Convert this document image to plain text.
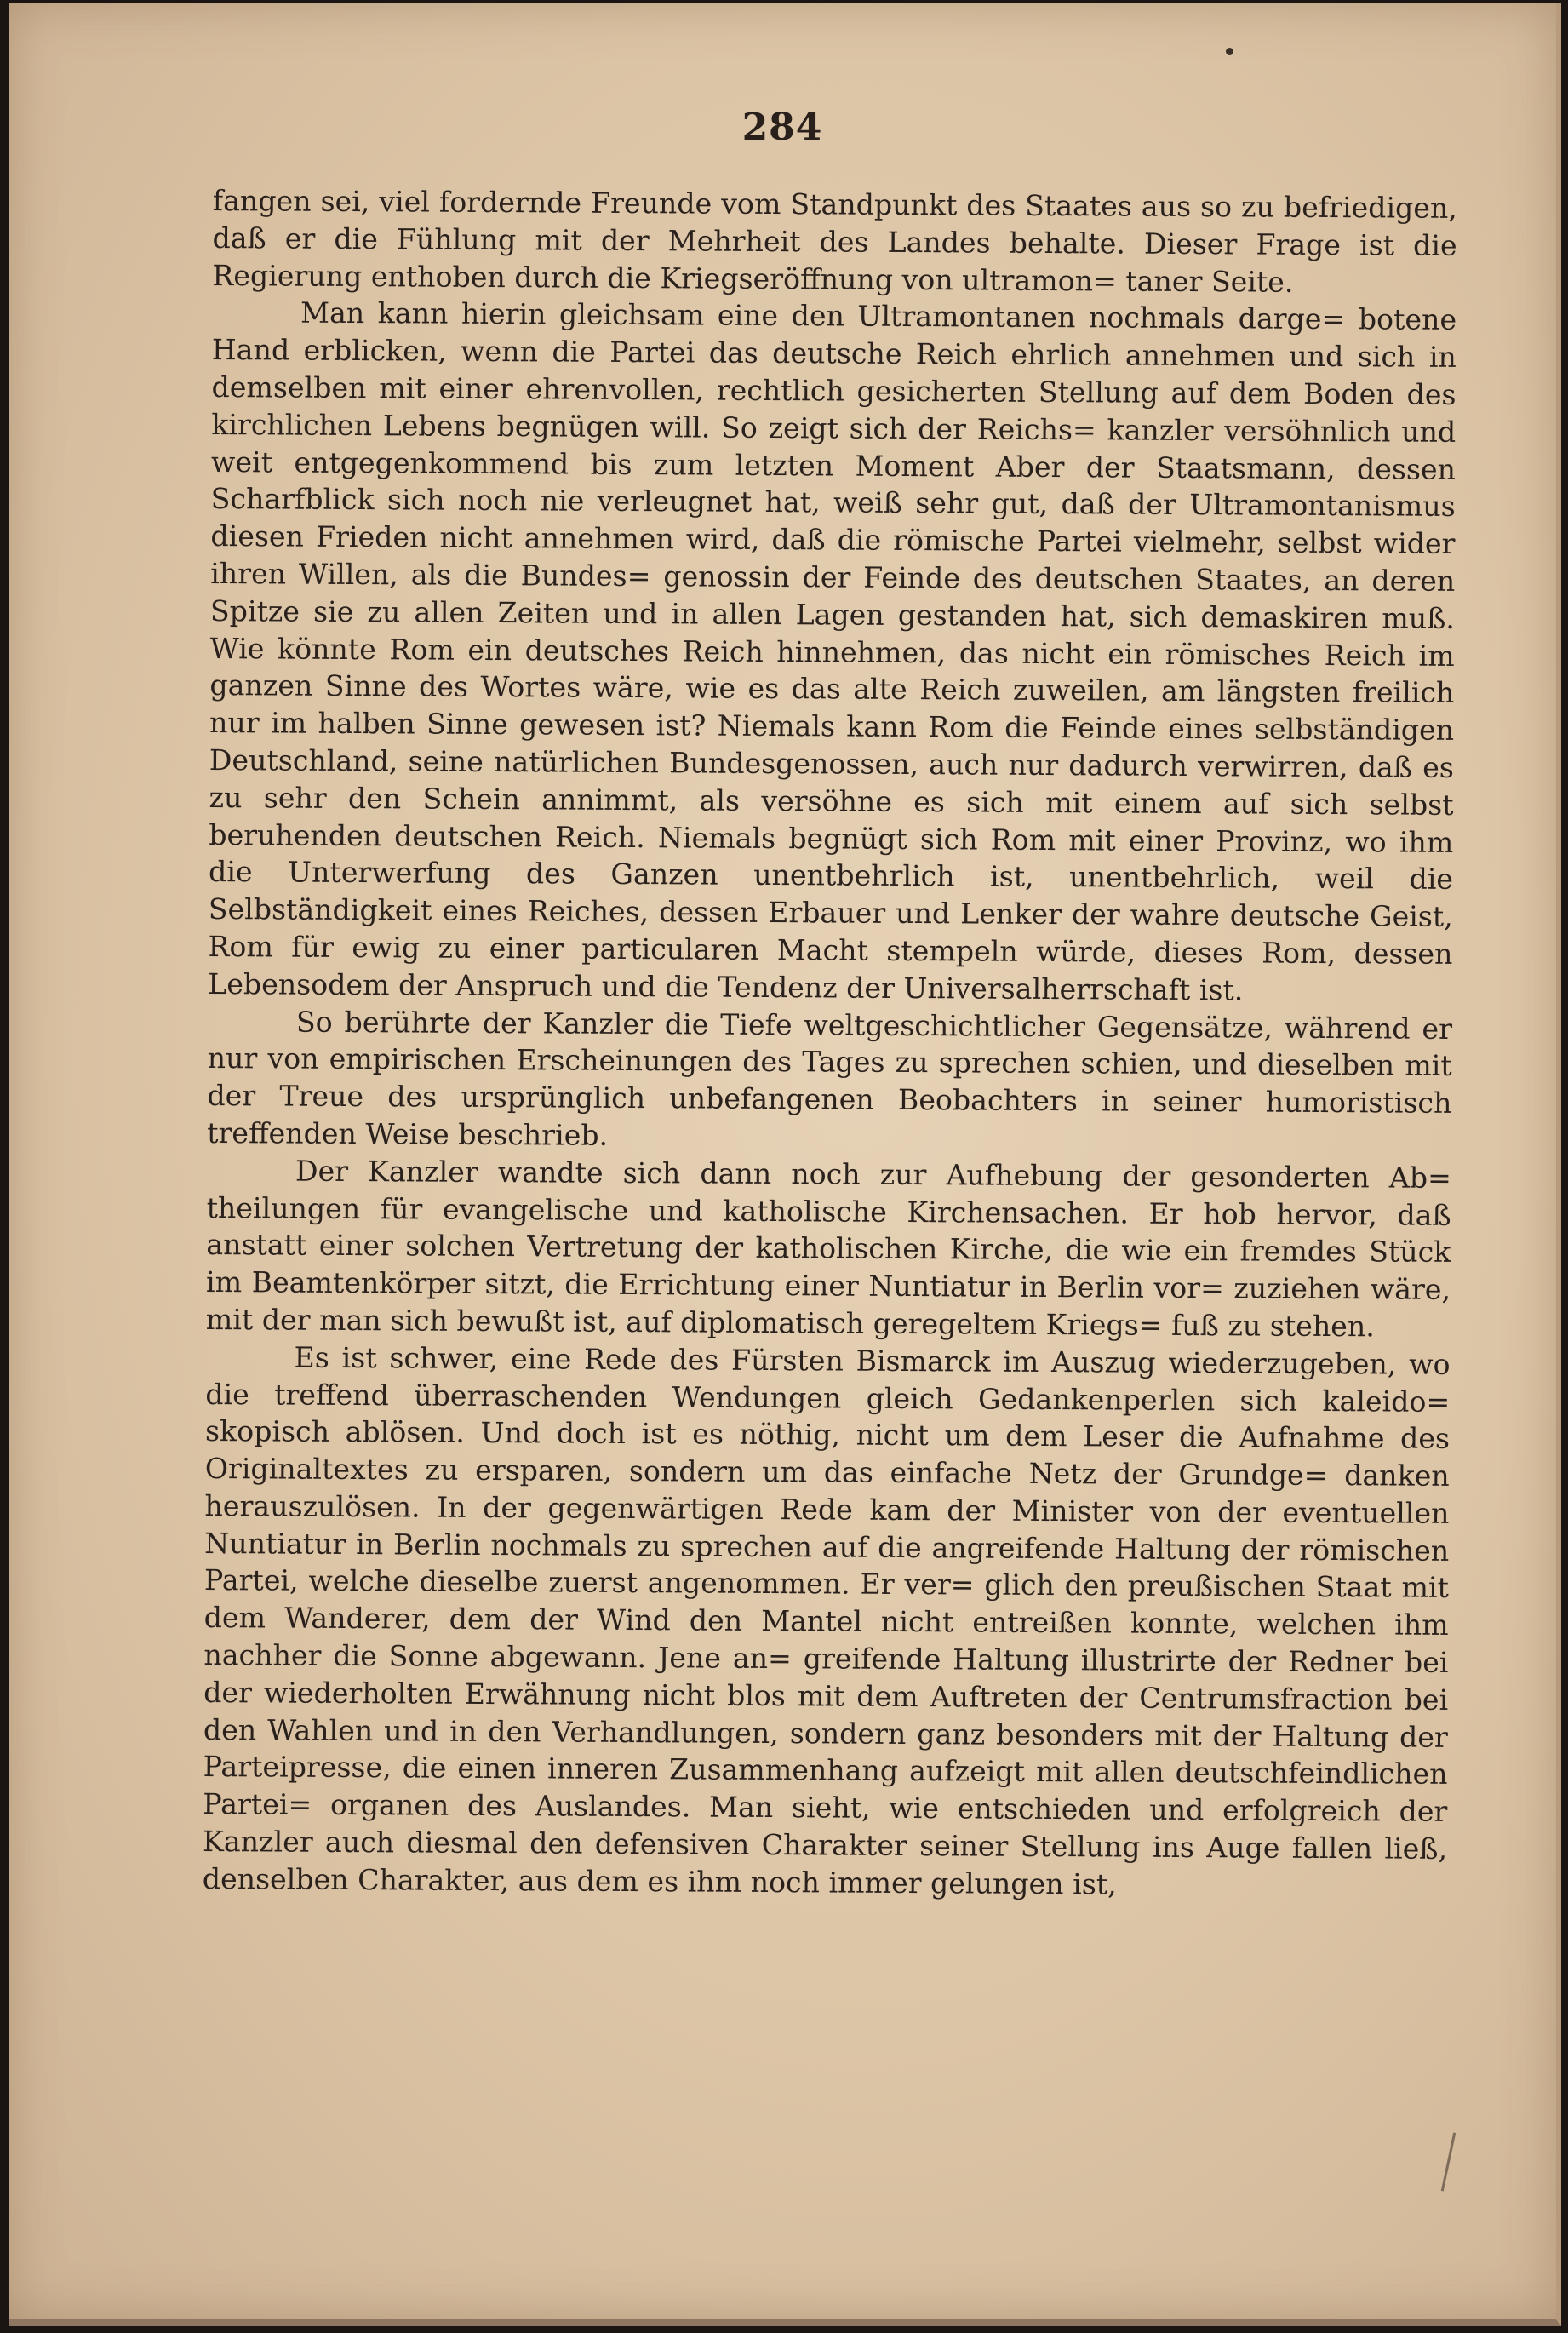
284

fangen sei, viel fordernde Freunde vom Standpunkt des Staates aus so zu befriedigen, daß er die Fühlung mit der Mehrheit des Landes behalte. Dieser Frage ist die Regierung enthoben durch die Kriegseröffnung von ultramon= taner Seite.

Man kann hierin gleichsam eine den Ultramontanen nochmals darge= botene Hand erblicken, wenn die Partei das deutsche Reich ehrlich annehmen und sich in demselben mit einer ehrenvollen, rechtlich gesicherten Stellung auf dem Boden des kirchlichen Lebens begnügen will. So zeigt sich der Reichs= kanzler versöhnlich und weit entgegenkommend bis zum letzten Moment Aber der Staatsmann, dessen Scharfblick sich noch nie verleugnet hat, weiß sehr gut, daß der Ultramontanismus diesen Frieden nicht annehmen wird, daß die römische Partei vielmehr, selbst wider ihren Willen, als die Bundes= genossin der Feinde des deutschen Staates, an deren Spitze sie zu allen Zeiten und in allen Lagen gestanden hat, sich demaskiren muß. Wie könnte Rom ein deutsches Reich hinnehmen, das nicht ein römisches Reich im ganzen Sinne des Wortes wäre, wie es das alte Reich zuweilen, am längsten freilich nur im halben Sinne gewesen ist? Niemals kann Rom die Feinde eines selbständigen Deutschland, seine natürlichen Bundesgenossen, auch nur dadurch verwirren, daß es zu sehr den Schein annimmt, als versöhne es sich mit einem auf sich selbst beruhenden deutschen Reich. Niemals begnügt sich Rom mit einer Provinz, wo ihm die Unterwerfung des Ganzen unentbehrlich ist, unentbehrlich, weil die Selbständigkeit eines Reiches, dessen Erbauer und Lenker der wahre deutsche Geist, Rom für ewig zu einer particularen Macht stempeln würde, dieses Rom, dessen Lebensodem der Anspruch und die Tendenz der Universalherrschaft ist.

So berührte der Kanzler die Tiefe weltgeschichtlicher Gegensätze, während er nur von empirischen Erscheinungen des Tages zu sprechen schien, und dieselben mit der Treue des ursprünglich unbefangenen Beobachters in seiner humoristisch treffenden Weise beschrieb.

Der Kanzler wandte sich dann noch zur Aufhebung der gesonderten Ab= theilungen für evangelische und katholische Kirchensachen. Er hob hervor, daß anstatt einer solchen Vertretung der katholischen Kirche, die wie ein fremdes Stück im Beamtenkörper sitzt, die Errichtung einer Nuntiatur in Berlin vor= zuziehen wäre, mit der man sich bewußt ist, auf diplomatisch geregeltem Kriegs= fuß zu stehen.

Es ist schwer, eine Rede des Fürsten Bismarck im Auszug wiederzugeben, wo die treffend überraschenden Wendungen gleich Gedankenperlen sich kaleido= skopisch ablösen. Und doch ist es nöthig, nicht um dem Leser die Aufnahme des Originaltextes zu ersparen, sondern um das einfache Netz der Grundge= danken herauszulösen. In der gegenwärtigen Rede kam der Minister von der eventuellen Nuntiatur in Berlin nochmals zu sprechen auf die angreifende Haltung der römischen Partei, welche dieselbe zuerst angenommen. Er ver= glich den preußischen Staat mit dem Wanderer, dem der Wind den Mantel nicht entreißen konnte, welchen ihm nachher die Sonne abgewann. Jene an= greifende Haltung illustrirte der Redner bei der wiederholten Erwähnung nicht blos mit dem Auftreten der Centrumsfraction bei den Wahlen und in den Verhandlungen, sondern ganz besonders mit der Haltung der Parteipresse, die einen inneren Zusammenhang aufzeigt mit allen deutschfeindlichen Partei= organen des Auslandes. Man sieht, wie entschieden und erfolgreich der Kanzler auch diesmal den defensiven Charakter seiner Stellung ins Auge fallen ließ, denselben Charakter, aus dem es ihm noch immer gelungen ist,
